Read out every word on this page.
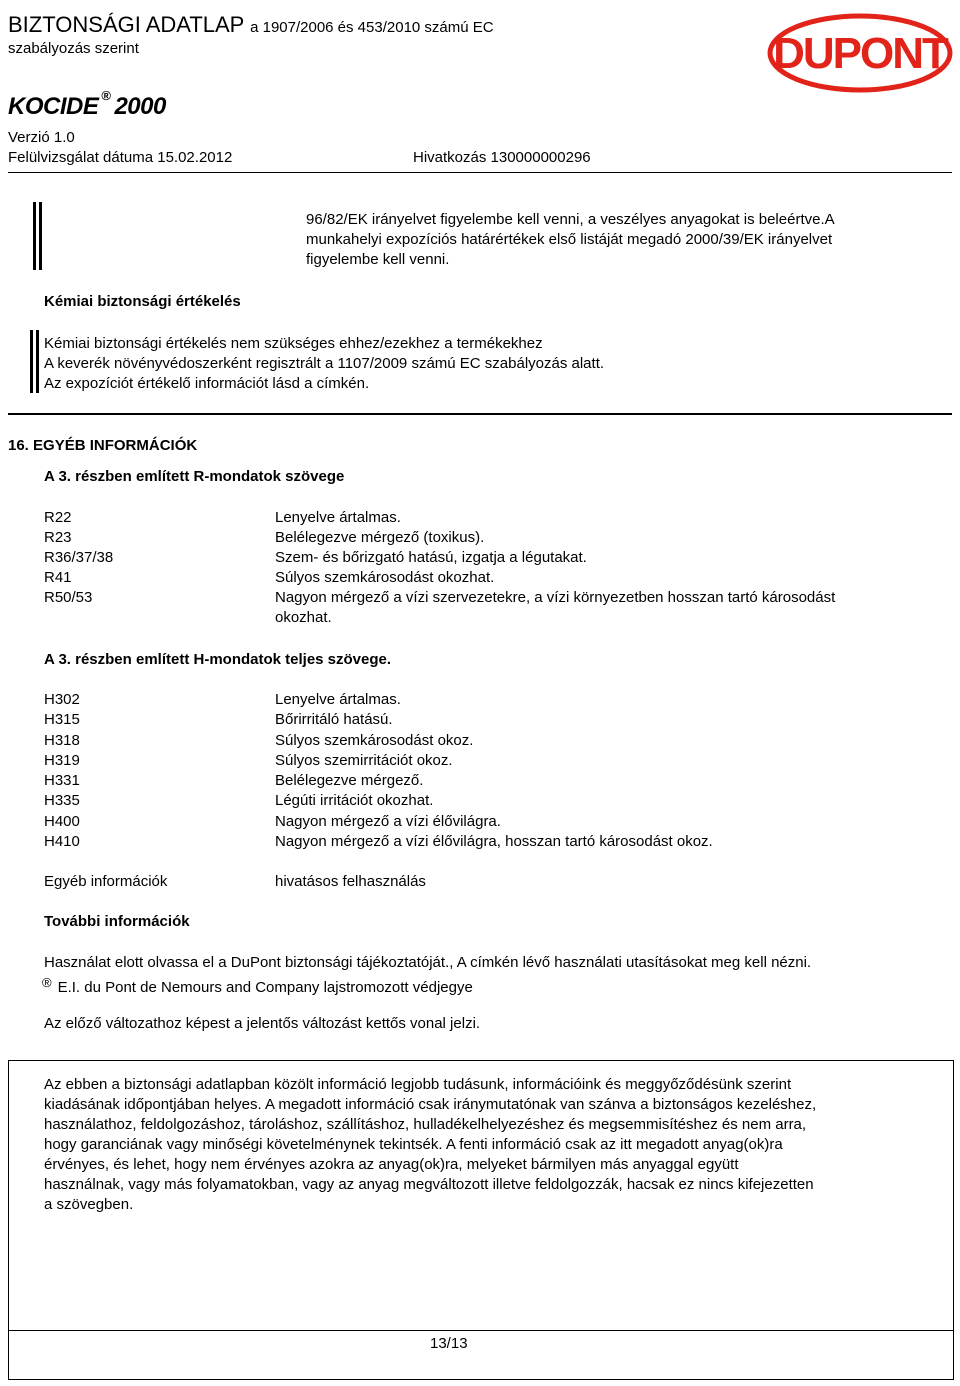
BIZTONSÁGI ADATLAP a 1907/2006 és 453/2010 számú EC
szabályozás szerint
KOCIDE ® 2000
DUPONT
Verzió 1.0
Felülvizsgálat dátuma 15.02.2012	Hivatkozás 130000000296
96/82/EK irányelvet figyelembe kell venni, a veszélyes anyagokat is beleértve.A
munkahelyi expozíciós határértékek első listáját megadó 2000/39/EK irányelvet
figyelembe kell venni.
Kémiai biztonsági értékelés
Kémiai biztonsági értékelés nem szükséges ehhez/ezekhez a termékekhez
A keverék növényvédoszerként regisztrált a 1107/2009 számú EC szabályozás alatt.
Az expozíciót értékelő információt lásd a címkén.
16. EGYÉB INFORMÁCIÓK
A 3. részben említett R-mondatok szövege
R22	Lenyelve ártalmas.
R23	Belélegezve mérgező (toxikus).
R36/37/38	Szem- és bőrizgató hatású, izgatja a légutakat.
R41	Súlyos szemkárosodást okozhat.
R50/53	Nagyon mérgező a vízi szervezetekre, a vízi környezetben hosszan tartó károsodást
okozhat.
A 3. részben említett H-mondatok teljes szövege.
H302	Lenyelve ártalmas.
H315	Bőrirritáló hatású.
H318	Súlyos szemkárosodást okoz.
H319	Súlyos szemirritációt okoz.
H331	Belélegezve mérgező.
H335	Légúti irritációt okozhat.
H400	Nagyon mérgező a vízi élővilágra.
H410	Nagyon mérgező a vízi élővilágra, hosszan tartó károsodást okoz.
Egyéb információk	hivatásos felhasználás
További információk
Használat elott olvassa el a DuPont biztonsági tájékoztatóját., A címkén lévő használati utasításokat meg kell nézni.
® E.I. du Pont de Nemours and Company lajstromozott védjegye
Az előző változathoz képest a jelentős változást kettős vonal jelzi.
Az ebben a biztonsági adatlapban közölt információ legjobb tudásunk, információink és meggyőződésünk szerint
kiadásának időpontjában helyes. A megadott információ csak iránymutatónak van szánva a biztonságos kezeléshez,
használathoz, feldolgozáshoz, tároláshoz, szállításhoz, hulladékelhelyezéshez és megsemmisítéshez és nem arra,
hogy garanciának vagy minőségi követelménynek tekintsék. A fenti információ csak az itt megadott anyag(ok)ra
érvényes, és lehet, hogy nem érvényes azokra az anyag(ok)ra, melyeket bármilyen más anyaggal együtt
használnak, vagy más folyamatokban, vagy az anyag megváltozott illetve feldolgozzák, hacsak ez nincs kifejezetten
a szövegben.
13/13
